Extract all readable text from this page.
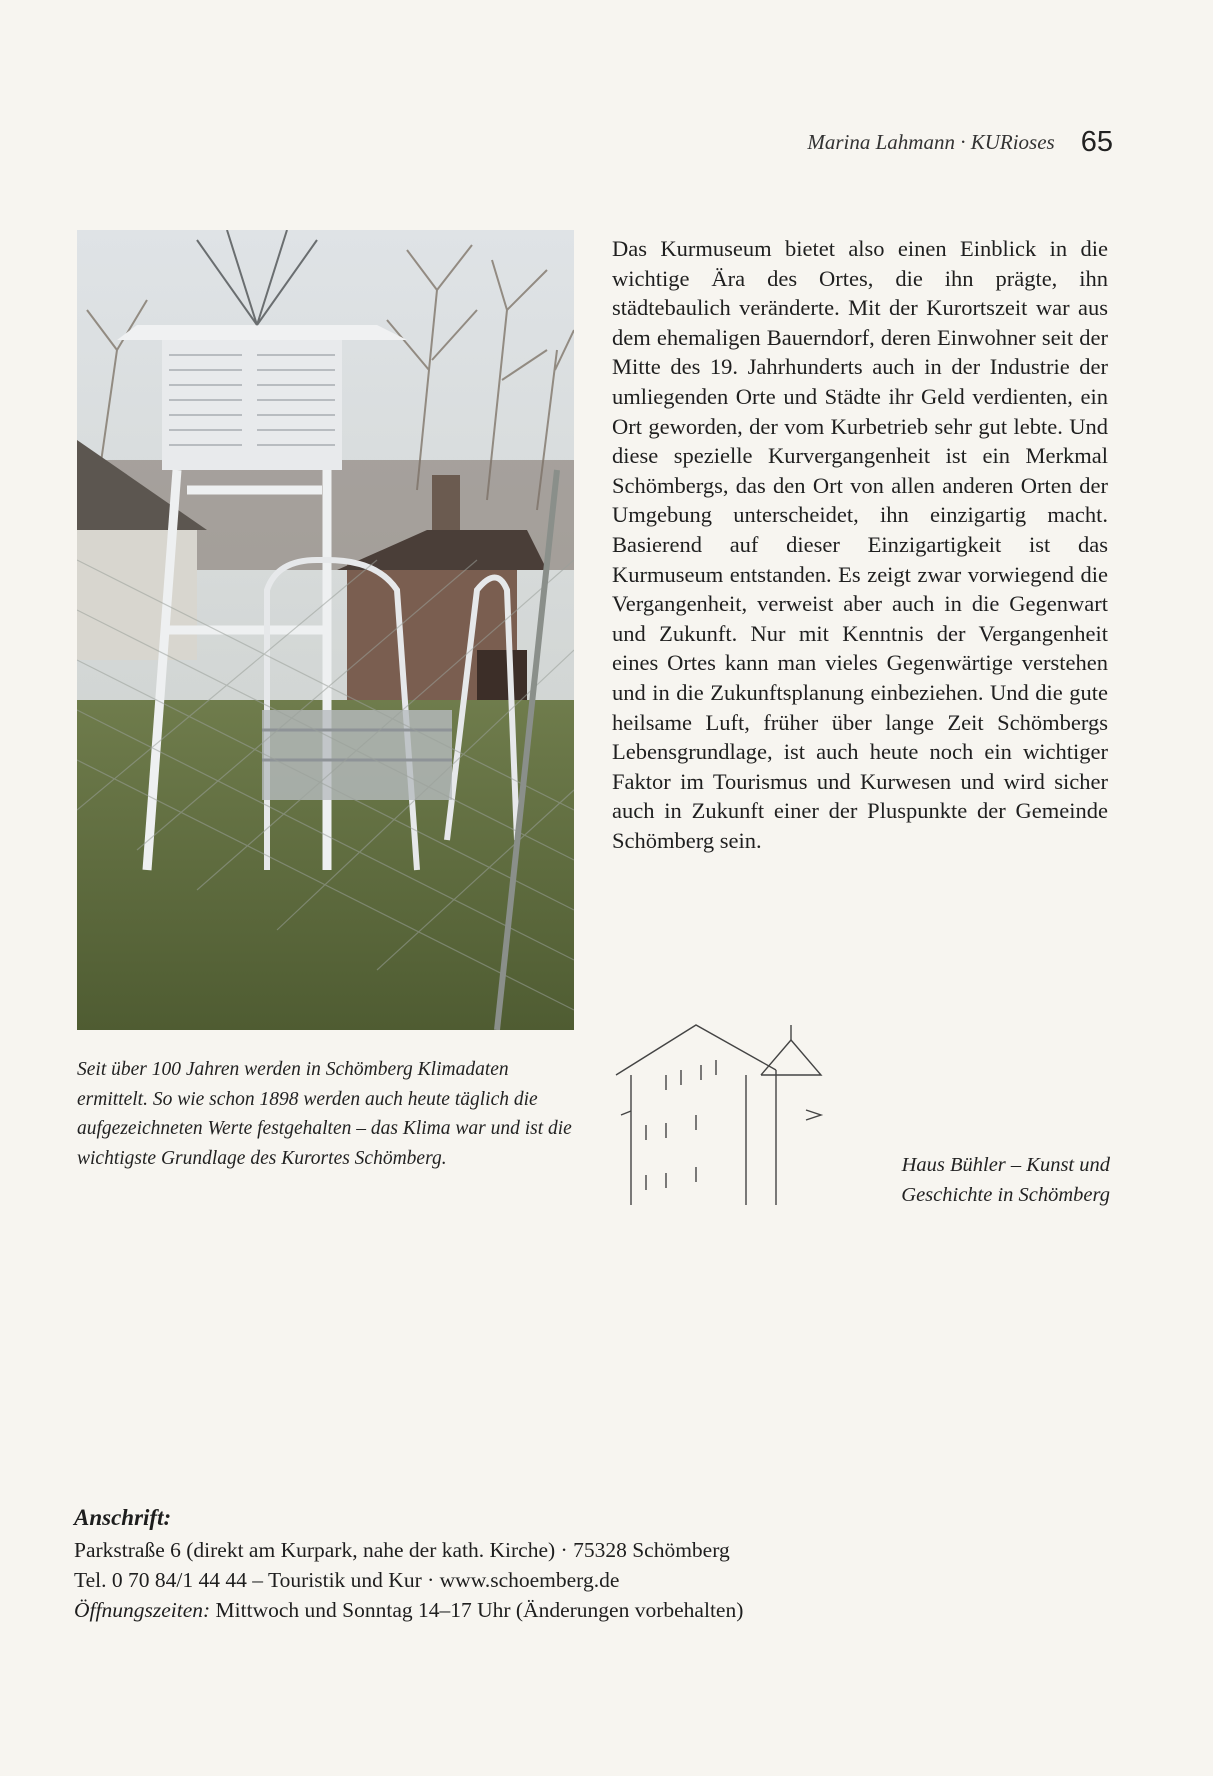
Marina Lahmann · KURioses 65
Seit über 100 Jahren werden in Schömberg Klimadaten ermittelt. So wie schon 1898 werden auch heute täglich die aufgezeichneten Werte festgehalten – das Klima war und ist die wichtigste Grundlage des Kurortes Schömberg.
Das Kurmuseum bietet also einen Einblick in die wichtige Ära des Ortes, die ihn prägte, ihn städtebaulich veränderte. Mit der Kurortszeit war aus dem ehemaligen Bauerndorf, deren Einwohner seit der Mitte des 19. Jahrhunderts auch in der Industrie der umliegenden Orte und Städte ihr Geld verdienten, ein Ort geworden, der vom Kurbetrieb sehr gut lebte. Und diese spezielle Kurvergangenheit ist ein Merkmal Schömbergs, das den Ort von allen anderen Orten der Umgebung unterscheidet, ihn einzigartig macht. Basierend auf dieser Einzigartigkeit ist das Kurmuseum entstanden. Es zeigt zwar vorwiegend die Vergangenheit, verweist aber auch in die Gegenwart und Zukunft. Nur mit Kenntnis der Vergangenheit eines Ortes kann man vieles Gegenwärtige verstehen und in die Zukunftsplanung einbeziehen. Und die gute heilsame Luft, früher über lange Zeit Schömbergs Lebensgrundlage, ist auch heute noch ein wichtiger Faktor im Tourismus und Kurwesen und wird sicher auch in Zukunft einer der Pluspunkte der Gemeinde Schömberg sein.
Haus Bühler – Kunst und Geschichte in Schömberg
Anschrift:
Parkstraße 6 (direkt am Kurpark, nahe der kath. Kirche) · 75328 Schömberg
Tel. 0 70 84/1 44 44 – Touristik und Kur · www.schoemberg.de
Öffnungszeiten: Mittwoch und Sonntag 14–17 Uhr (Änderungen vorbehalten)
